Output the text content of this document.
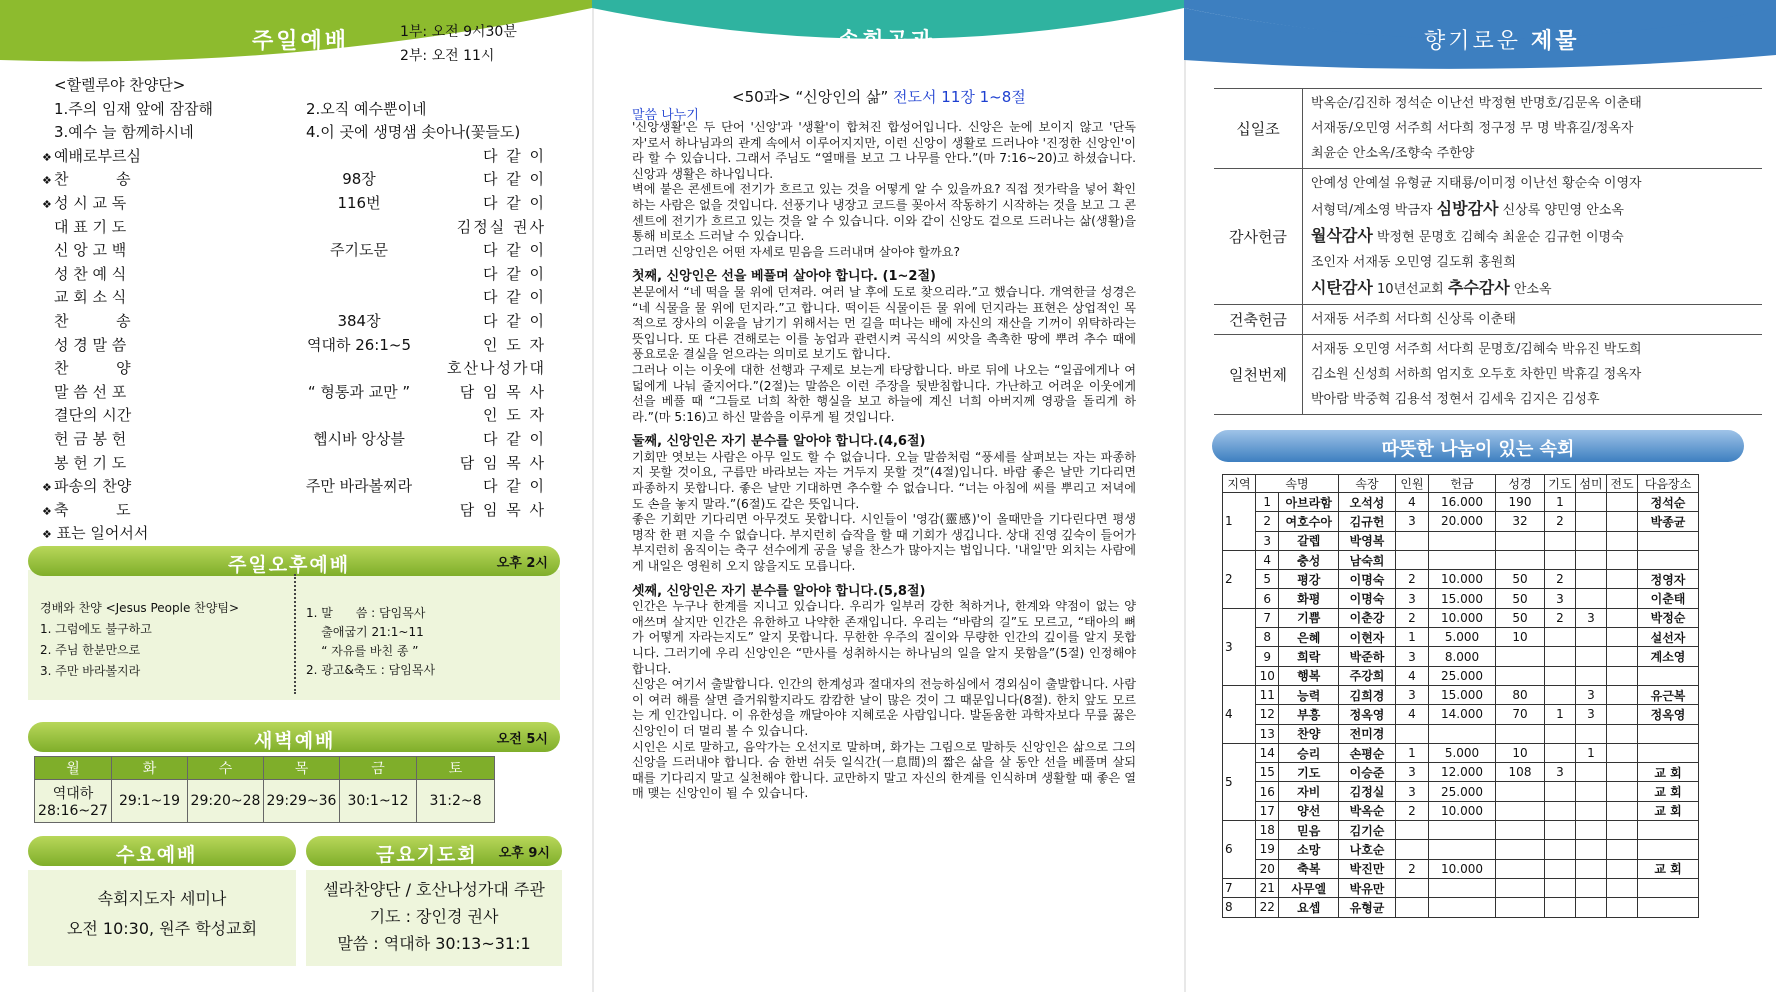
주일예배	1부: 오전 9시30분
2부: 오전 11시
<할렐루야 찬양단>
1.주의 임재 앞에 잠잠해	2.오직 예수뿐이네
3.예수 늘 함께하시네	4.이 곳에 생명샘 솟아나(꽃들도)
❖ 예배로부르심	다 같 이
❖ 찬          송	98장	다 같 이
❖ 성 시 교 독	116번	다 같 이
대 표 기 도	김정실 권사
신 앙 고 백	주기도문	다 같 이
성 찬 예 식	다 같 이
교 회 소 식	다 같 이
찬          송	384장	다 같 이
성 경 말 씀	역대하 26:1~5	인 도 자
찬          양	호산나성가대
말 씀 선 포	“ 형통과 교만 ”	담 임 목 사
결단의 시간	인 도 자
헌 금 봉 헌	헵시바 앙상블	다 같 이
봉 헌 기 도	담 임 목 사
❖ 파송의 찬양	주만 바라볼찌라	다 같 이
❖ 축          도	담 임 목 사
❖ 표는 일어서서
주일오후예배	오후 2시
경배와 찬양 <Jesus People 찬양팀>
1. 그럼에도 불구하고
2. 주님 한분만으로
3. 주만 바라볼지라
1. 말      씀 : 담임목사
출애굽기 21:1~11
“ 자유를 바친 종 ”
2. 광고&축도 : 담임목사
새벽예배	오전 5시
월	화	수	목	금	토
역대하
28:16~27	29:1~19	29:20~28	29:29~36	30:1~12	31:2~8
수요예배
속회지도자 세미나
오전 10:30, 원주 학성교회
금요기도회 오후 9시
셀라찬양단 / 호산나성가대 주관
기도 : 장인경 권사
말씀 : 역대하 30:13~31:1
속회공과
<50과> “신앙인의 삶” 전도서 11장 1~8절
말씀 나누기

'신앙생활'은 두 단어 '신앙'과 '생활'이 합쳐진 합성어입니다. 신앙은 눈에 보이지 않고 '단독자'로서 하나님과의 관계 속에서 이루어지지만, 이런 신앙이 생활로 드러나야 '진정한 신앙인'이라 할 수 있습니다. 그래서 주님도 “열매를 보고 그 나무를 안다.”(마 7:16~20)고 하셨습니다. 신앙과 생활은 하나입니다.

벽에 붙은 콘센트에 전기가 흐르고 있는 것을 어떻게 알 수 있을까요? 직접 젓가락을 넣어 확인하는 사람은 없을 것입니다. 선풍기나 냉장고 코드를 꽂아서 작동하기 시작하는 것을 보고 그 콘센트에 전기가 흐르고 있는 것을 알 수 있습니다. 이와 같이 신앙도 겉으로 드러나는 삶(생활)을 통해 비로소 드러날 수 있습니다.

그러면 신앙인은 어떤 자세로 믿음을 드러내며 살아야 할까요?

첫째, 신앙인은 선을 베풀며 살아야 합니다. (1~2절)

본문에서 “네 떡을 물 위에 던져라. 여러 날 후에 도로 찾으리라.”고 했습니다. 개역한글 성경은 “네 식물을 물 위에 던지라.”고 합니다. 떡이든 식물이든 물 위에 던지라는 표현은 상업적인 목적으로 장사의 이윤을 남기기 위해서는 먼 길을 떠나는 배에 자신의 재산을 기꺼이 위탁하라는 뜻입니다. 또 다른 견해로는 이를 농업과 관련시켜 곡식의 씨앗을 촉촉한 땅에 뿌려 추수 때에 풍요로운 결실을 얻으라는 의미로 보기도 합니다.

그러나 이는 이웃에 대한 선행과 구제로 보는게 타당합니다. 바로 뒤에 나오는 “일곱에게나 여덟에게 나눠 줄지어다.”(2절)는 말씀은 이런 주장을 뒷받침합니다. 가난하고 어려운 이웃에게 선을 베풀 때 “그들로 너희 착한 행실을 보고 하늘에 계신 너희 아버지께 영광을 돌리게 하라.”(마 5:16)고 하신 말씀을 이루게 될 것입니다.

둘째, 신앙인은 자기 분수를 알아야 합니다.(4,6절)

기회만 엿보는 사람은 아무 일도 할 수 없습니다. 오늘 말씀처럼 “풍세를 살펴보는 자는 파종하지 못할 것이요, 구름만 바라보는 자는 거두지 못할 것”(4절)입니다. 바람 좋은 날만 기다리면 파종하지 못합니다. 좋은 날만 기대하면 추수할 수 없습니다. “너는 아침에 씨를 뿌리고 저녁에도 손을 놓지 말라.”(6절)도 같은 뜻입니다.

좋은 기회만 기다리면 아무것도 못합니다. 시인들이 '영감(靈感)'이 올때만을 기다린다면 평생 명작 한 편 지을 수 없습니다. 부지런히 습작을 할 때 기회가 생깁니다. 상대 진영 깊숙이 들어가 부지런히 움직이는 축구 선수에게 공을 넣을 찬스가 많아지는 법입니다. '내일'만 외치는 사람에게 내일은 영원히 오지 않을지도 모릅니다.

셋째, 신앙인은 자기 분수를 알아야 합니다.(5,8절)

인간은 누구나 한계를 지니고 있습니다. 우리가 일부러 강한 척하거나, 한계와 약점이 없는 양 애쓰며 살지만 인간은 유한하고 나약한 존재입니다. 우리는 “바람의 길”도 모르고, “태아의 뼈가 어떻게 자라는지도” 알지 못합니다. 무한한 우주의 질이와 무량한 인간의 깊이를 알지 못합니다. 그러기에 우리 신앙인은 “만사를 성취하시는 하나님의 일을 알지 못함을”(5절) 인정해야 합니다.

신앙은 여기서 출발합니다. 인간의 한계성과 절대자의 전능하심에서 경외심이 출발합니다. 사람이 여러 해를 살면 즐거워할지라도 캄캄한 날이 많은 것이 그 때문입니다(8절). 한치 앞도 모르는 게 인간입니다. 이 유한성을 깨달아야 지혜로운 사람입니다. 발돋움한 과학자보다 무릎 꿇은 신앙인이 더 멀리 볼 수 있습니다.

시인은 시로 말하고, 음악가는 오선지로 말하며, 화가는 그림으로 말하듯 신앙인은 삶으로 그의 신앙을 드러내야 합니다. 숨 한번 쉬듯 일식간(一息間)의 짧은 삶을 살 동안 선을 베풀며 살되 때를 기다리지 말고 실천해야 합니다. 교만하지 말고 자신의 한계를 인식하며 생활할 때 좋은 열매 맺는 신앙인이 될 수 있습니다.

향기로운 제물
십일조	박옥순/김진하 정석순 이난선 박정현 반명호/김문옥 이춘태
서재동/오민영 서주희 서다희 정구정 무 명 박휴길/정옥자
최윤순 안소옥/조향숙 주한양

감사헌금	안예성 안예설 유형균 지태룡/이미정 이난선 황순숙 이영자
서형덕/계소영 박금자 심방감사 신상록 양민영 안소옥
월삭감사 박정현 문명호 김혜숙 최윤순 김규헌 이명숙
조인자 서재동 오민영 길도휘 홍원희
시탄감사 10년선교회 추수감사 안소옥

건축헌금	서재동 서주희 서다희 신상록 이춘태

일천번제	서재동 오민영 서주희 서다희 문명호/김혜숙 박유진 박도희
김소원 신성희 서하희 엄지호 오두호 차한민 박휴길 정옥자
박아람 박중혁 김용석 정현서 김세욱 김지은 김성후
따뜻한 나눔이 있는 속회
지역	속명		속장	인원	헌금	성경	기도	섬미	전도	다음장소
1	1	아브라함	오석성	4	16.000	190	1			정석순
	2	여호수아	김규헌	3	20.000	32	2			박종균
	3	갈렙	박영복							
2	4	충성	남숙희							
	5	평강	이명숙	2	10.000	50	2			정영자
	6	화평	이명숙	3	15.000	50	3			이춘태
3	7	기쁨	이춘강	2	10.000	50	2	3		박정순
	8	은혜	이현자	1	5.000	10				설선자
	9	희락	박준하	3	8.000					계소영
	10	행복	주강희	4	25.000					
4	11	능력	김희경	3	15.000	80		3		유근복
	12	부흥	정옥영	4	14.000	70	1	3		정옥영
	13	찬양	전미경							
5	14	승리	손평순	1	5.000	10		1		
	15	기도	이승준	3	12.000	108	3			교 회
	16	자비	김정실	3	25.000					교 회
	17	양선	박옥순	2	10.000					교 회
6	18	믿음	김기순							
	19	소망	나호순							
	20	축복	박진만	2	10.000					교 회
7	21	사무엘	박유만							
8	22	요셉	유형균							
